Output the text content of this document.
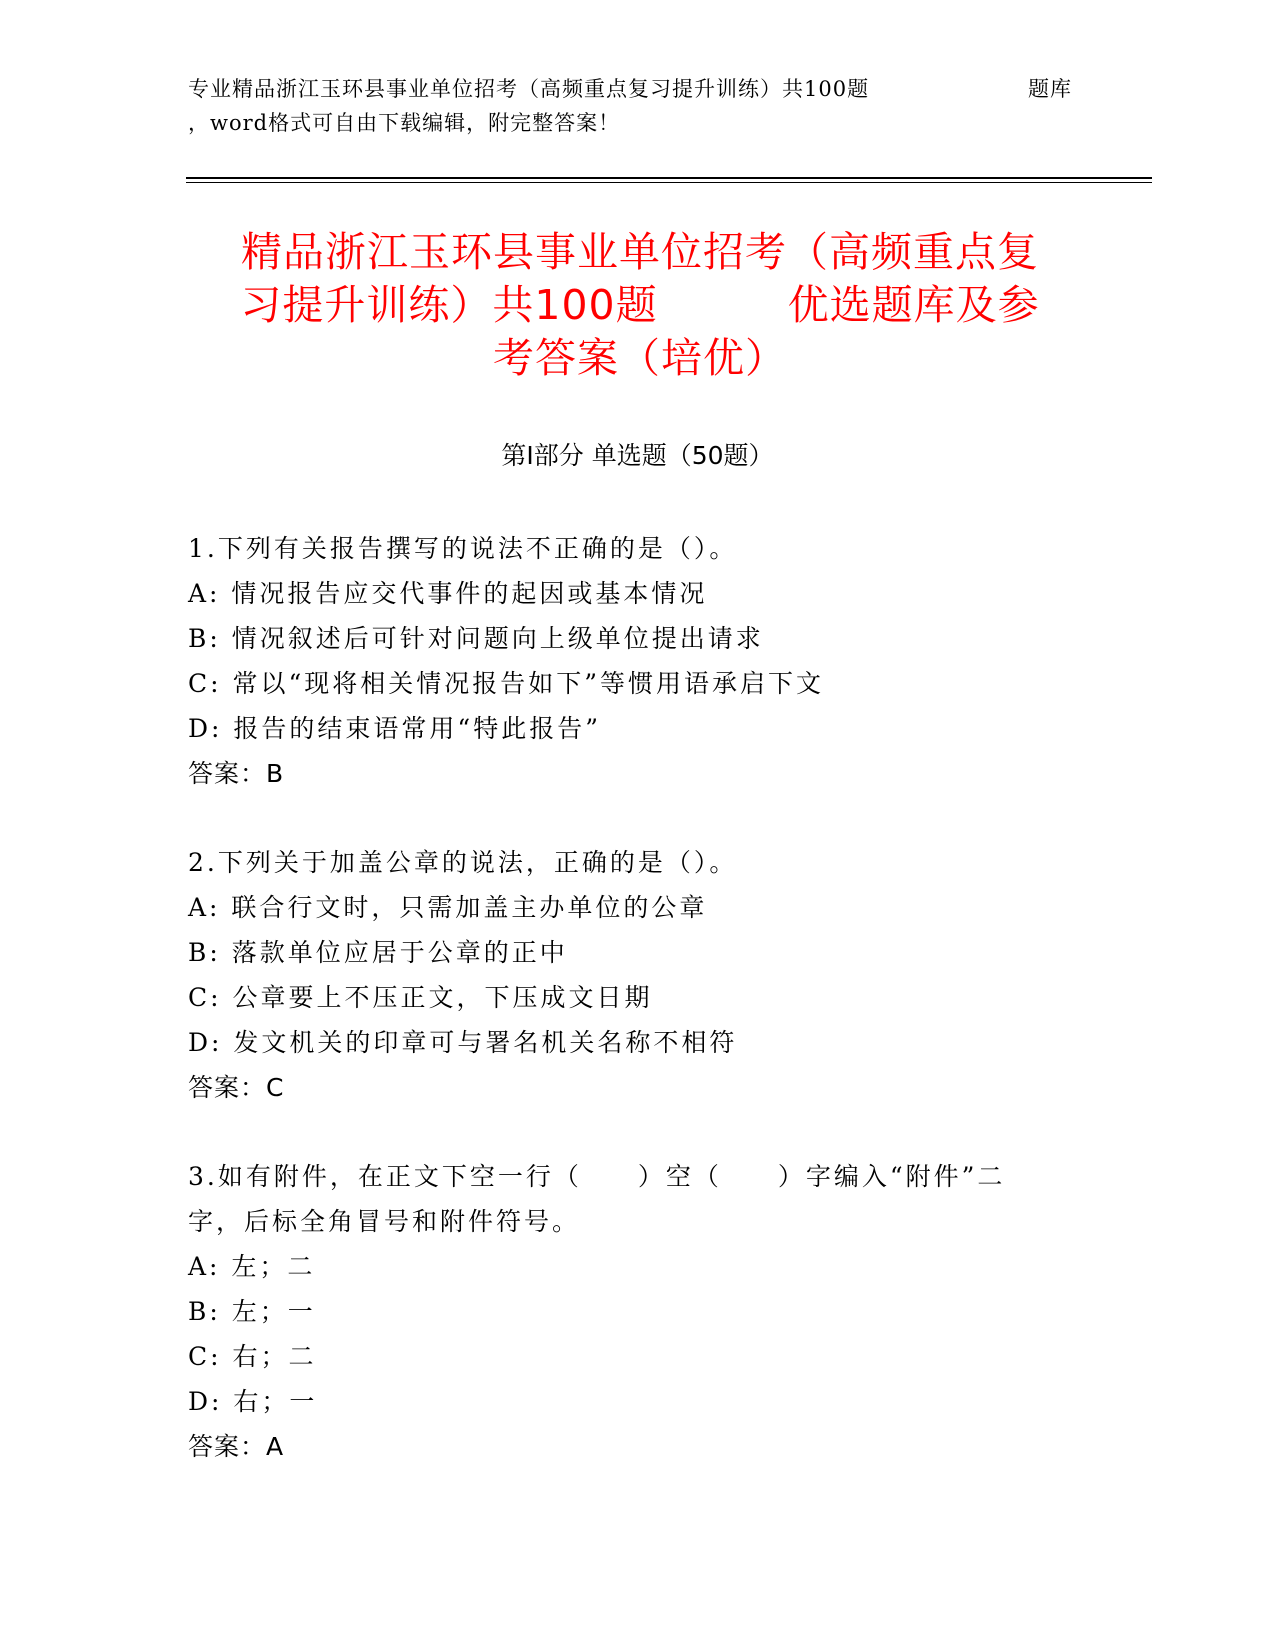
专业精品浙江玉环县事业单位招考（高频重点复习提升训练）共100题	题库
，word格式可自由下载编辑，附完整答案！
精品浙江玉环县事业单位招考（高频重点复
习提升训练）共100题	优选题库及参
考答案（培优）
第I部分 单选题（50题）
1.下列有关报告撰写的说法不正确的是（）。
A: 情况报告应交代事件的起因或基本情况
B: 情况叙述后可针对问题向上级单位提出请求
C: 常以“现将相关情况报告如下”等惯用语承启下文
D: 报告的结束语常用“特此报告”
答案：B
2.下列关于加盖公章的说法，正确的是（）。
A: 联合行文时，只需加盖主办单位的公章
B: 落款单位应居于公章的正中
C: 公章要上不压正文，下压成文日期
D: 发文机关的印章可与署名机关名称不相符
答案：C
3.如有附件，在正文下空一行（　　）空（　　）字编入“附件”二字，后标全角冒号和附件符号。
A: 左；二
B: 左；一
C: 右；二
D: 右；一
答案：A
